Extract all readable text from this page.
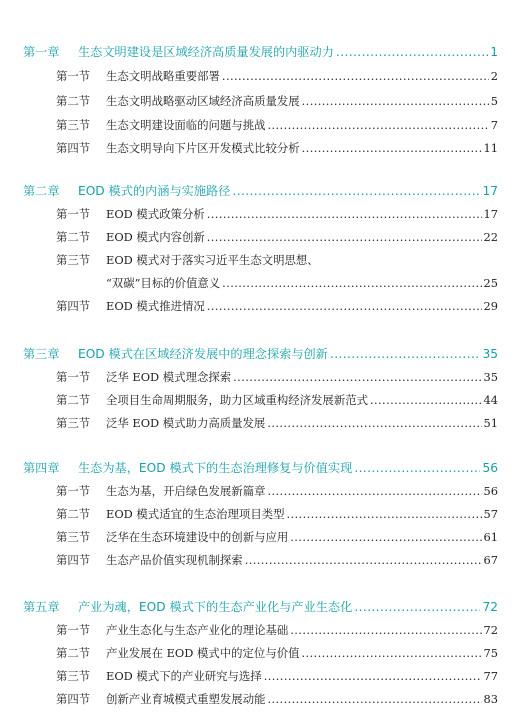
第一章	生态文明建设是区域经济高质量发展的内驱动力 .....	1
第一节	生态文明战略重要部署 .....	2
第二节	生态文明战略驱动区域经济高质量发展 .....	5
第三节	生态文明建设面临的问题与挑战 .....	7
第四节	生态文明导向下片区开发模式比较分析 .....	11
第二章	EOD 模式的内涵与实施路径 .....	17
第一节	EOD 模式政策分析 .....	17
第二节	EOD 模式内容创新 .....	22
第三节	EOD 模式对于落实习近平生态文明思想、
“双碳”目标的价值意义 .....	25
第四节	EOD 模式推进情况 .....	29
第三章	EOD 模式在区域经济发展中的理念探索与创新 .....	35
第一节	泛华 EOD 模式理念探索 .....	35
第二节	全项目生命周期服务，助力区域重构经济发展新范式 .....	44
第三节	泛华 EOD 模式助力高质量发展 .....	51
第四章	生态为基，EOD 模式下的生态治理修复与价值实现 .....	56
第一节	生态为基，开启绿色发展新篇章 .....	56
第二节	EOD 模式适宜的生态治理项目类型 .....	57
第三节	泛华在生态环境建设中的创新与应用 .....	61
第四节	生态产品价值实现机制探索 .....	67
第五章	产业为魂，EOD 模式下的生态产业化与产业生态化 .....	72
第一节	产业生态化与生态产业化的理论基础 .....	72
第二节	产业发展在 EOD 模式中的定位与价值 .....	75
第三节	EOD 模式下的产业研究与选择 .....	77
第四节	创新产业育城模式重塑发展动能 .....	83
